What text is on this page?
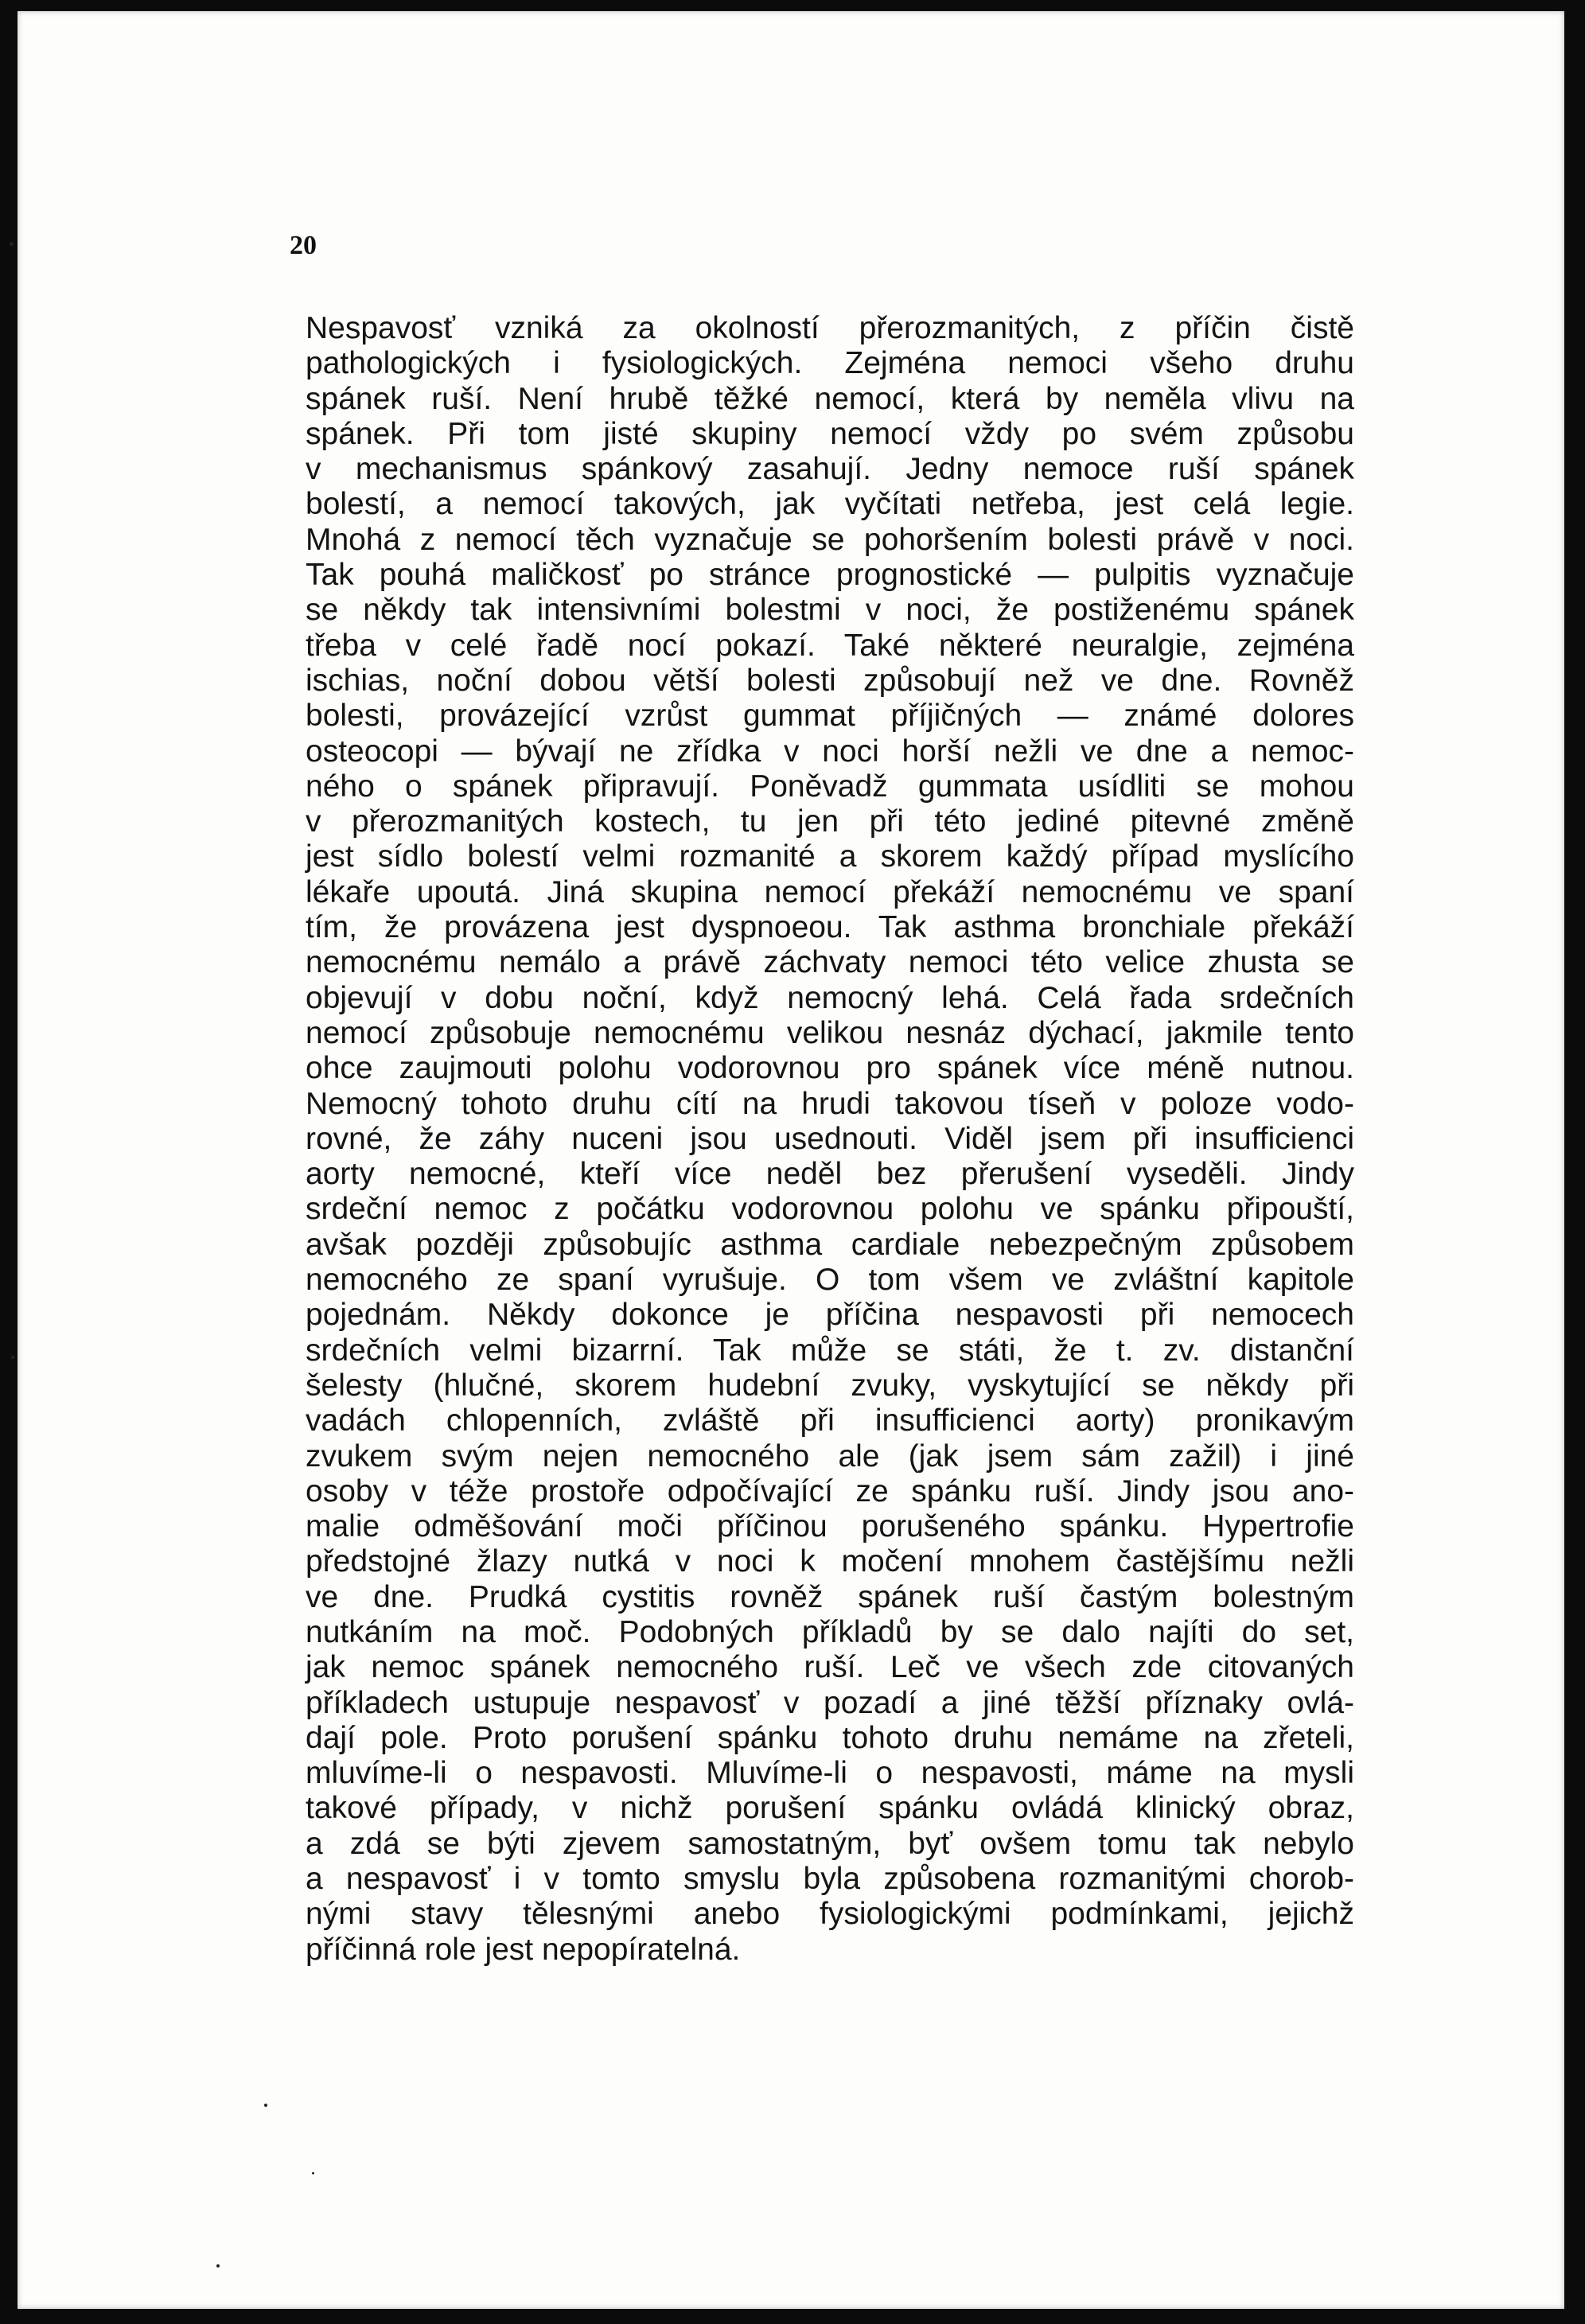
20
Nespavosť vzniká za okolností přerozmanitých, z příčin čistě
pathologických i fysiologických. Zejména nemoci všeho druhu
spánek ruší. Není hrubě těžké nemocí, která by neměla vlivu na
spánek. Při tom jisté skupiny nemocí vždy po svém způsobu
v mechanismus spánkový zasahují. Jedny nemoce ruší spánek
bolestí, a nemocí takových, jak vyčítati netřeba, jest celá legie.
Mnohá z nemocí těch vyznačuje se pohoršením bolesti právě v noci.
Tak pouhá maličkosť po stránce prognostické — pulpitis vyznačuje
se někdy tak intensivními bolestmi v noci, že postiženému spánek
třeba v celé řadě nocí pokazí. Také některé neuralgie, zejména
ischias, noční dobou větší bolesti způsobují než ve dne. Rovněž
bolesti, provázející vzrůst gummat příjičných — známé dolores
osteocopi — bývají ne zřídka v noci horší nežli ve dne a nemoc-
ného o spánek připravují. Poněvadž gummata usídliti se mohou
v přerozmanitých kostech, tu jen při této jediné pitevné změně
jest sídlo bolestí velmi rozmanité a skorem každý případ myslícího
lékaře upoutá. Jiná skupina nemocí překáží nemocnému ve spaní
tím, že provázena jest dyspnoeou. Tak asthma bronchiale překáží
nemocnému nemálo a právě záchvaty nemoci této velice zhusta se
objevují v dobu noční, když nemocný lehá. Celá řada srdečních
nemocí způsobuje nemocnému velikou nesnáz dýchací, jakmile tento
ohce zaujmouti polohu vodorovnou pro spánek více méně nutnou.
Nemocný tohoto druhu cítí na hrudi takovou tíseň v poloze vodo-
rovné, že záhy nuceni jsou usednouti. Viděl jsem při insufficienci
aorty nemocné, kteří více neděl bez přerušení vyseděli. Jindy
srdeční nemoc z počátku vodorovnou polohu ve spánku připouští,
avšak později způsobujíc asthma cardiale nebezpečným způsobem
nemocného ze spaní vyrušuje. O tom všem ve zvláštní kapitole
pojednám. Někdy dokonce je příčina nespavosti při nemocech
srdečních velmi bizarrní. Tak může se státi, že t. zv. distanční
šelesty (hlučné, skorem hudební zvuky, vyskytující se někdy při
vadách chlopenních, zvláště při insufficienci aorty) pronikavým
zvukem svým nejen nemocného ale (jak jsem sám zažil) i jiné
osoby v téže prostoře odpočívající ze spánku ruší. Jindy jsou ano-
malie odměšování moči příčinou porušeného spánku. Hypertrofie
předstojné žlazy nutká v noci k močení mnohem častějšímu nežli
ve dne. Prudká cystitis rovněž spánek ruší častým bolestným
nutkáním na moč. Podobných příkladů by se dalo najíti do set,
jak nemoc spánek nemocného ruší. Leč ve všech zde citovaných
příkladech ustupuje nespavosť v pozadí a jiné těžší příznaky ovlá-
dají pole. Proto porušení spánku tohoto druhu nemáme na zřeteli,
mluvíme-li o nespavosti. Mluvíme-li o nespavosti, máme na mysli
takové případy, v nichž porušení spánku ovládá klinický obraz,
a zdá se býti zjevem samostatným, byť ovšem tomu tak nebylo
a nespavosť i v tomto smyslu byla způsobena rozmanitými chorob-
nými stavy tělesnými anebo fysiologickými podmínkami, jejichž
příčinná role jest nepopíratelná.
